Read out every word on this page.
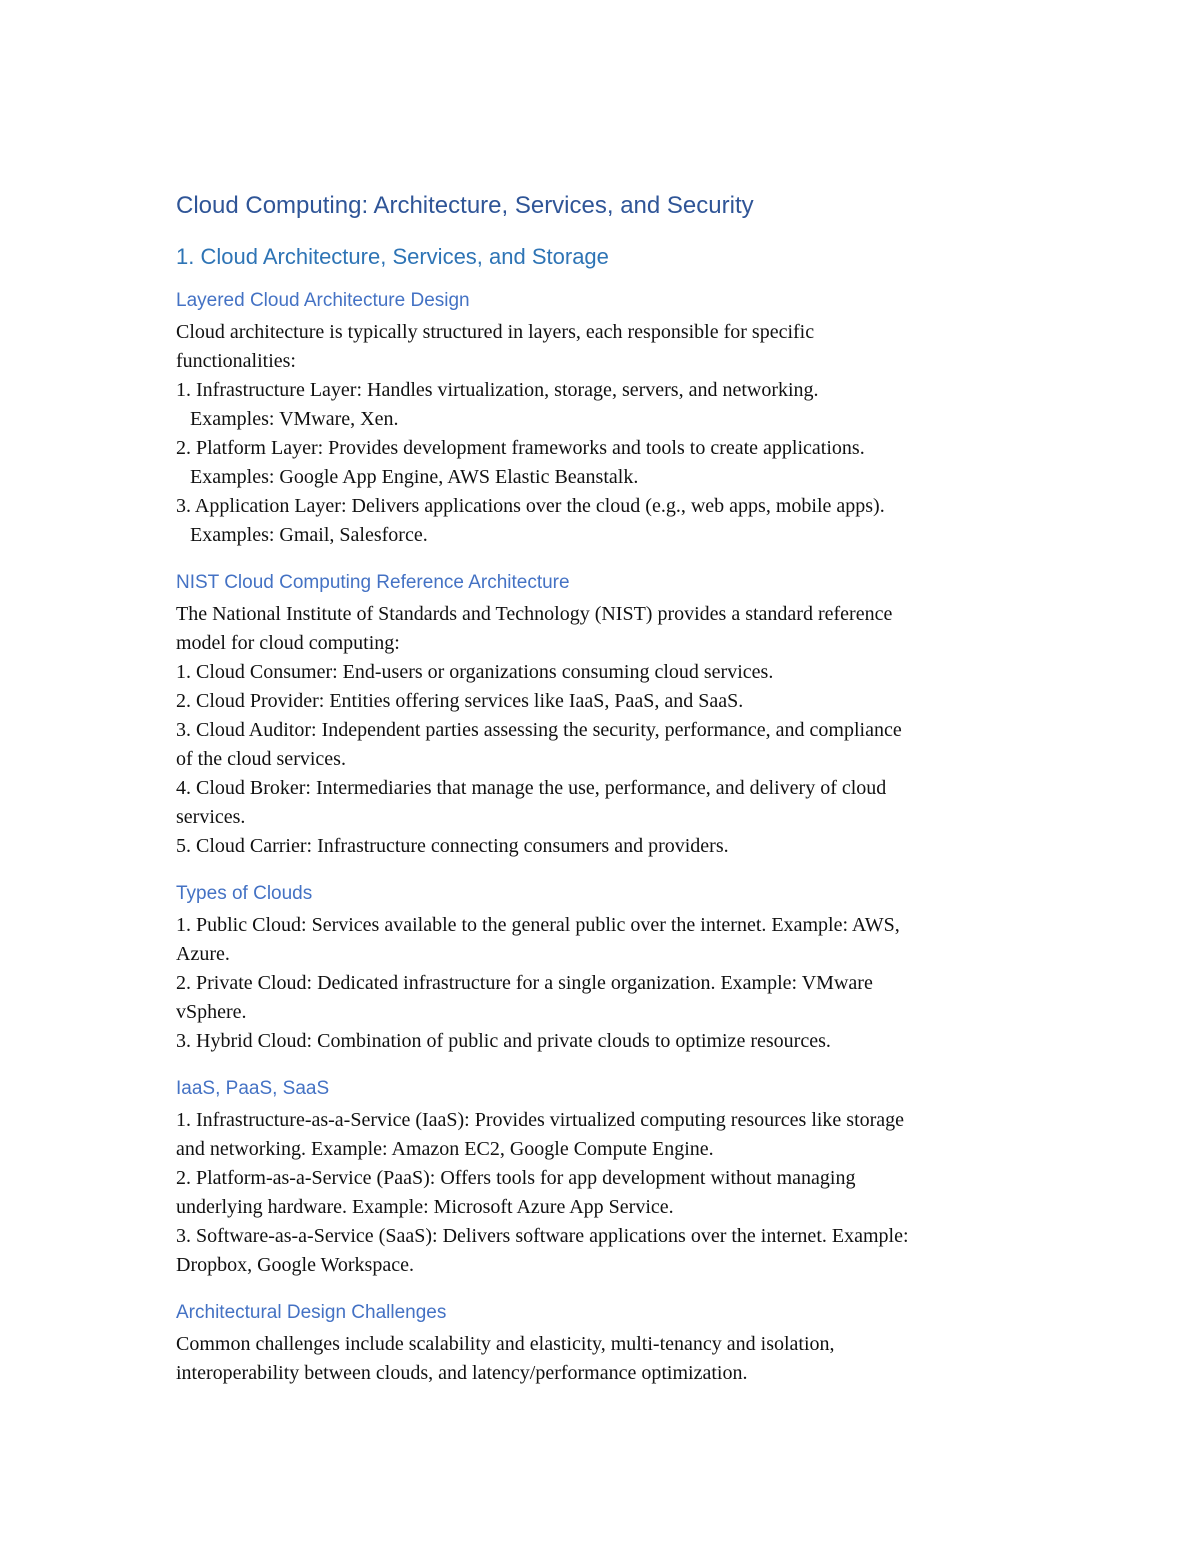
Cloud Computing: Architecture, Services, and Security
1. Cloud Architecture, Services, and Storage
Layered Cloud Architecture Design

Cloud architecture is typically structured in layers, each responsible for specific

functionalities:

1. Infrastructure Layer: Handles virtualization, storage, servers, and networking.

Examples: VMware, Xen.

2. Platform Layer: Provides development frameworks and tools to create applications.

Examples: Google App Engine, AWS Elastic Beanstalk.

3. Application Layer: Delivers applications over the cloud (e.g., web apps, mobile apps).

Examples: Gmail, Salesforce.

NIST Cloud Computing Reference Architecture

The National Institute of Standards and Technology (NIST) provides a standard reference

model for cloud computing:

1. Cloud Consumer: End-users or organizations consuming cloud services.

2. Cloud Provider: Entities offering services like IaaS, PaaS, and SaaS.

3. Cloud Auditor: Independent parties assessing the security, performance, and compliance

of the cloud services.

4. Cloud Broker: Intermediaries that manage the use, performance, and delivery of cloud

services.

5. Cloud Carrier: Infrastructure connecting consumers and providers.

Types of Clouds

1. Public Cloud: Services available to the general public over the internet. Example: AWS,

Azure.

2. Private Cloud: Dedicated infrastructure for a single organization. Example: VMware

vSphere.

3. Hybrid Cloud: Combination of public and private clouds to optimize resources.

IaaS, PaaS, SaaS

1. Infrastructure-as-a-Service (IaaS): Provides virtualized computing resources like storage

and networking. Example: Amazon EC2, Google Compute Engine.

2. Platform-as-a-Service (PaaS): Offers tools for app development without managing

underlying hardware. Example: Microsoft Azure App Service.

3. Software-as-a-Service (SaaS): Delivers software applications over the internet. Example:

Dropbox, Google Workspace.

Architectural Design Challenges

Common challenges include scalability and elasticity, multi-tenancy and isolation,

interoperability between clouds, and latency/performance optimization.
